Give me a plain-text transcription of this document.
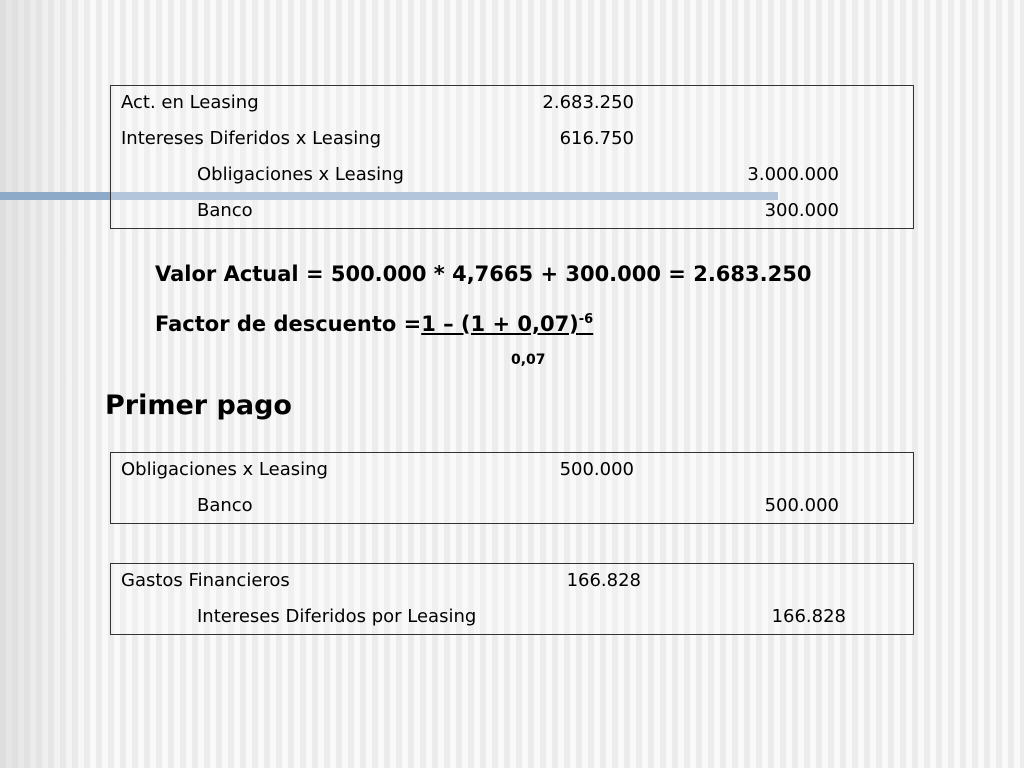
Act. en Leasing	2.683.250
Intereses Diferidos x Leasing	616.750
Obligaciones x Leasing	3.000.000
Banco	300.000
Valor Actual = 500.000 * 4,7665 + 300.000 = 2.683.250
Factor de descuento $=1 - (1 + 0,07)^{-6}$
0,07
Primer pago
Obligaciones x Leasing	500.000
Banco	500.000
Gastos Financieros	166.828
Intereses Diferidos por Leasing	166.828
